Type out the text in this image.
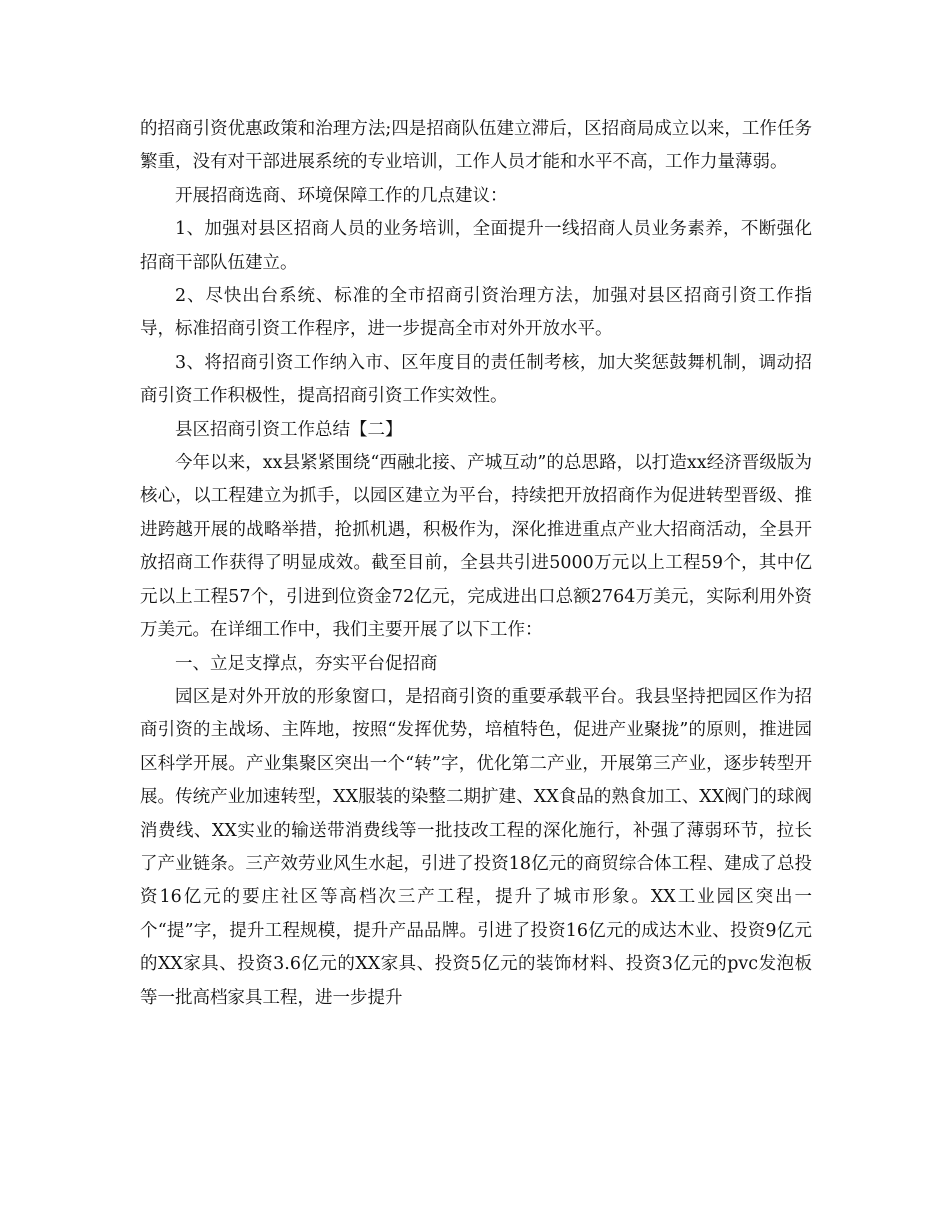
的招商引资优惠政策和治理方法;四是招商队伍建立滞后，区招商局成立以来，工作任务繁重，没有对干部进展系统的专业培训，工作人员才能和水平不高，工作力量薄弱。

开展招商选商、环境保障工作的几点建议：

1、加强对县区招商人员的业务培训，全面提升一线招商人员业务素养，不断强化招商干部队伍建立。

2、尽快出台系统、标准的全市招商引资治理方法，加强对县区招商引资工作指导，标准招商引资工作程序，进一步提高全市对外开放水平。

3、将招商引资工作纳入市、区年度目的责任制考核，加大奖惩鼓舞机制，调动招商引资工作积极性，提高招商引资工作实效性。

县区招商引资工作总结【二】

今年以来，xx县紧紧围绕“西融北接、产城互动”的总思路，以打造xx经济晋级版为核心，以工程建立为抓手，以园区建立为平台，持续把开放招商作为促进转型晋级、推进跨越开展的战略举措，抢抓机遇，积极作为，深化推进重点产业大招商活动，全县开放招商工作获得了明显成效。截至目前，全县共引进5000万元以上工程59个，其中亿元以上工程57个，引进到位资金72亿元，完成进出口总额2764万美元，实际利用外资万美元。在详细工作中，我们主要开展了以下工作：

一、立足支撑点，夯实平台促招商

园区是对外开放的形象窗口，是招商引资的重要承载平台。我县坚持把园区作为招商引资的主战场、主阵地，按照“发挥优势，培植特色，促进产业聚拢”的原则，推进园区科学开展。产业集聚区突出一个“转”字，优化第二产业，开展第三产业，逐步转型开展。传统产业加速转型，XX服装的染整二期扩建、XX食品的熟食加工、XX阀门的球阀消费线、XX实业的输送带消费线等一批技改工程的深化施行，补强了薄弱环节，拉长了产业链条。三产效劳业风生水起，引进了投资18亿元的商贸综合体工程、建成了总投资16亿元的要庄社区等高档次三产工程，提升了城市形象。XX工业园区突出一个“提”字，提升工程规模，提升产品品牌。引进了投资16亿元的成达木业、投资9亿元的XX家具、投资3.6亿元的XX家具、投资5亿元的装饰材料、投资3亿元的pvc发泡板等一批高档家具工程，进一步提升
